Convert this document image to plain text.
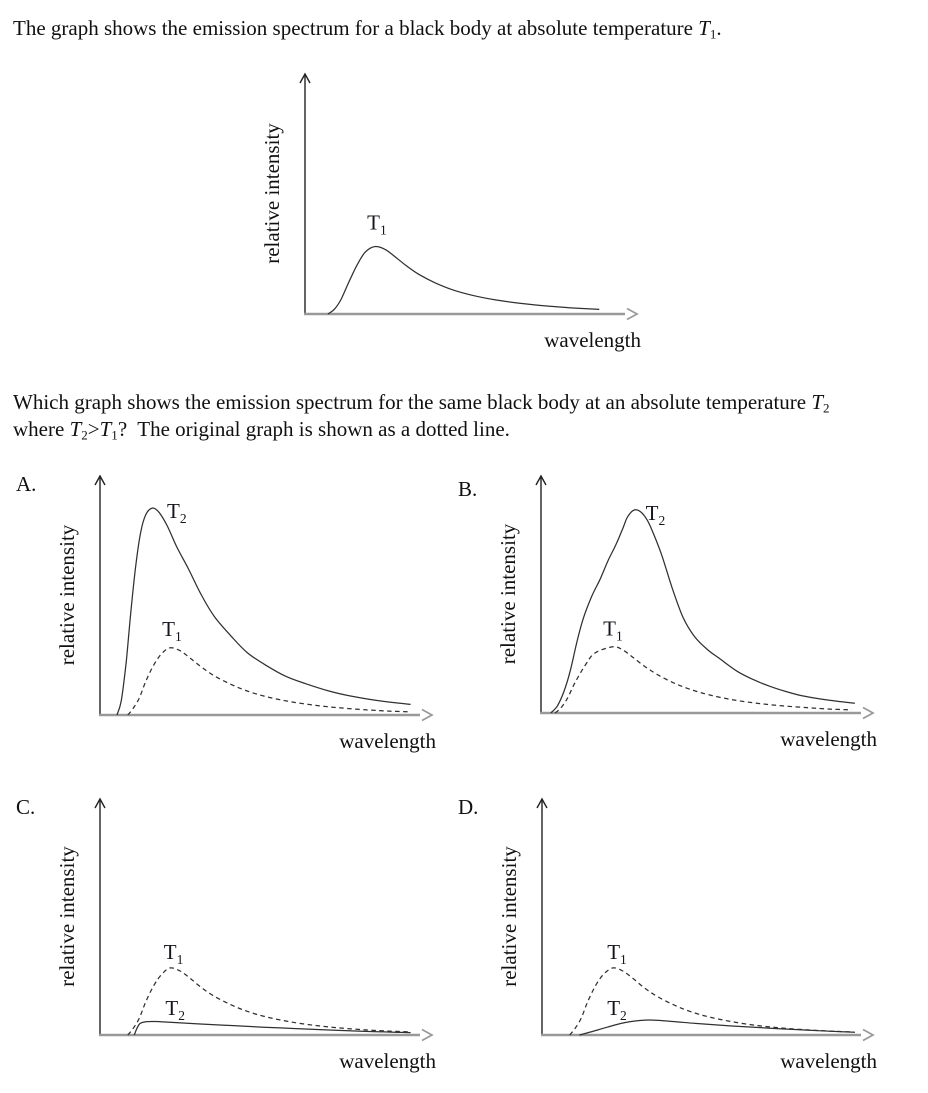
The graph shows the emission spectrum for a black body at absolute temperature $T_1$.

relative intensity
wavelength
$T_1$

Which graph shows the emission spectrum for the same black body at an absolute temperature $T_2$

where $T_2>T_1$?  The original graph is shown as a dotted line.

A.
relative intensity
wavelength
$T_2$
$T_1$
B.
relative intensity
wavelength
$T_2$
$T_1$
C.
relative intensity
wavelength
$T_2$
$T_1$
D.
relative intensity
wavelength
$T_2$
$T_1$
